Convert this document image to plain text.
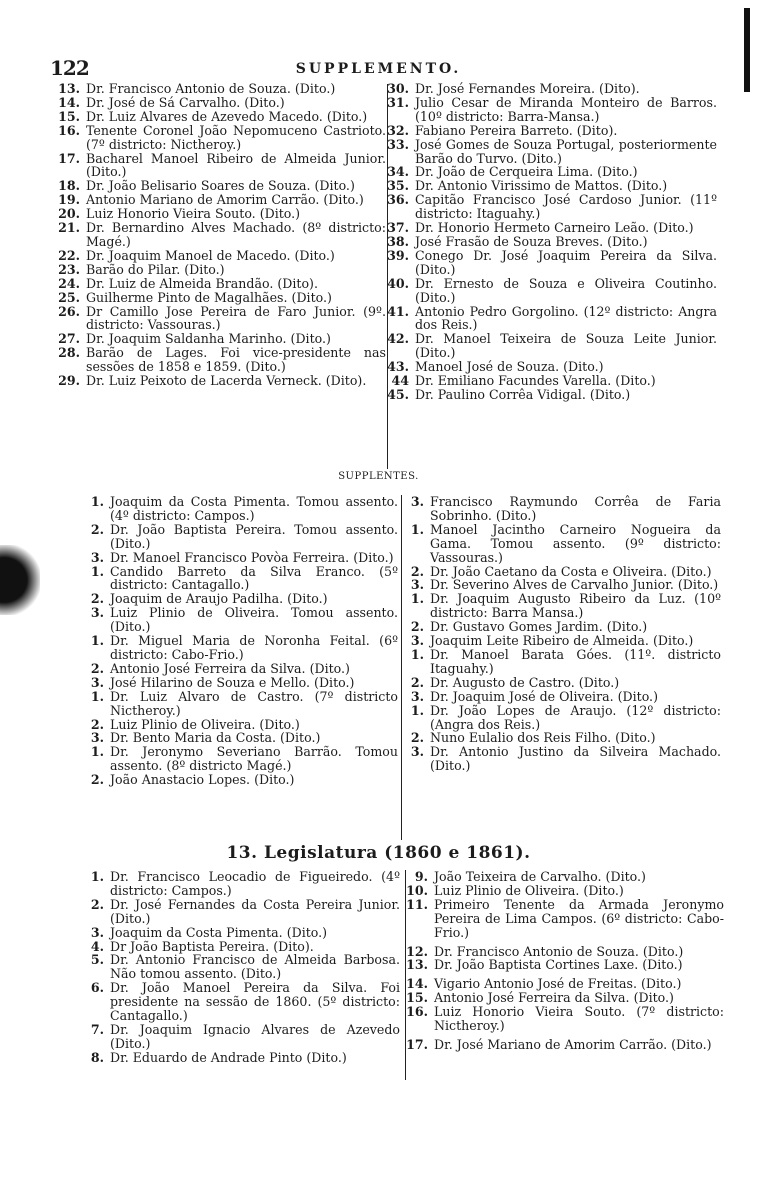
122	SUPPLEMENTO.
13. Dr. Francisco Antonio de Souza. (Dito.)
14. Dr. José de Sá Carvalho. (Dito.)
15. Dr. Luiz Alvares de Azevedo Macedo. (Dito.)
16. Tenente Coronel João Nepomuceno Castrioto. (7º districto: Nictheroy.)
17. Bacharel Manoel Ribeiro de Almeida Junior. (Dito.)
18. Dr. João Belisario Soares de Souza. (Dito.)
19. Antonio Mariano de Amorim Carrão. (Dito.)
20. Luiz Honorio Vieira Souto. (Dito.)
21. Dr. Bernardino Alves Machado. (8º districto: Magé.)
22. Dr. Joaquim Manoel de Macedo. (Dito.)
23. Barão do Pilar. (Dito.)
24. Dr. Luiz de Almeida Brandão. (Dito).
25. Guilherme Pinto de Magalhães. (Dito.)
26. Dr Camillo Jose Pereira de Faro Junior. (9º. districto: Vassouras.)
27. Dr. Joaquim Saldanha Marinho. (Dito.)
28. Barão de Lages. Foi vice-presidente nas sessões de 1858 e 1859. (Dito.)
29. Dr. Luiz Peixoto de Lacerda Verneck. (Dito).
30. Dr. José Fernandes Moreira. (Dito).
31. Julio Cesar de Miranda Monteiro de Barros. (10º districto: Barra-Mansa.)
32. Fabiano Pereira Barreto. (Dito).
33. José Gomes de Souza Portugal, posteriormente Barão do Turvo. (Dito.)
34. Dr. João de Cerqueira Lima. (Dito.)
35. Dr. Antonio Virissimo de Mattos. (Dito.)
36. Capitão Francisco José Cardoso Junior. (11º districto: Itaguahy.)
37. Dr. Honorio Hermeto Carneiro Leão. (Dito.)
38. José Frasão de Souza Breves. (Dito.)
39. Conego Dr. José Joaquim Pereira da Silva. (Dito.)
40. Dr. Ernesto de Souza e Oliveira Coutinho. (Dito.)
41. Antonio Pedro Gorgolino. (12º districto: Angra dos Reis.)
42. Dr. Manoel Teixeira de Souza Leite Junior. (Dito.)
43. Manoel José de Souza. (Dito.)
44 Dr. Emiliano Facundes Varella. (Dito.)
45. Dr. Paulino Corrêa Vidigal. (Dito.)
SUPPLENTES.
1. Joaquim da Costa Pimenta. Tomou assento. (4º districto: Campos.)
2. Dr. João Baptista Pereira. Tomou assento. (Dito.)
3. Dr. Manoel Francisco Povòa Ferreira. (Dito.)
1. Candido Barreto da Silva Eranco. (5º districto: Cantagallo.)
2. Joaquim de Araujo Padilha. (Dito.)
3. Luiz Plinio de Oliveira. Tomou assento. (Dito.)
1. Dr. Miguel Maria de Noronha Feital. (6º districto: Cabo-Frio.)
2. Antonio José Ferreira da Silva. (Dito.)
3. José Hilarino de Souza e Mello. (Dito.)
1. Dr. Luiz Alvaro de Castro. (7º districto Nictheroy.)
2. Luiz Plinio de Oliveira. (Dito.)
3. Dr. Bento Maria da Costa. (Dito.)
1. Dr. Jeronymo Severiano Barrão. Tomou assento. (8º districto Magé.)
2. João Anastacio Lopes. (Dito.)
3. Francisco Raymundo Corrêa de Faria Sobrinho. (Dito.)
1. Manoel Jacintho Carneiro Nogueira da Gama. Tomou assento. (9º districto: Vassouras.)
2. Dr. João Caetano da Costa e Oliveira. (Dito.)
3. Dr. Severino Alves de Carvalho Junior. (Dito.)
1. Dr. Joaquim Augusto Ribeiro da Luz. (10º districto: Barra Mansa.)
2. Dr. Gustavo Gomes Jardim. (Dito.)
3. Joaquim Leite Ribeiro de Almeida. (Dito.)
1. Dr. Manoel Barata Góes. (11º. districto Itaguahy.)
2. Dr. Augusto de Castro. (Dito.)
3. Dr. Joaquim José de Oliveira. (Dito.)
1. Dr. João Lopes de Araujo. (12º districto: (Angra dos Reis.)
2. Nuno Eulalio dos Reis Filho. (Dito.)
3. Dr. Antonio Justino da Silveira Machado. (Dito.)
13. Legislatura (1860 e 1861).
1. Dr. Francisco Leocadio de Figueiredo. (4º districto: Campos.)
2. Dr. José Fernandes da Costa Pereira Junior. (Dito.)
3. Joaquim da Costa Pimenta. (Dito.)
4. Dr João Baptista Pereira. (Dito).
5. Dr. Antonio Francisco de Almeida Barbosa. Não tomou assento. (Dito.)
6. Dr. João Manoel Pereira da Silva. Foi presidente na sessão de 1860. (5º districto: Cantagallo.)
7. Dr. Joaquim Ignacio Alvares de Azevedo (Dito.)
8. Dr. Eduardo de Andrade Pinto (Dito.)
9. João Teixeira de Carvalho. (Dito.)
10. Luiz Plinio de Oliveira. (Dito.)
11. Primeiro Tenente da Armada Jeronymo Pereira de Lima Campos. (6º districto: Cabo-Frio.)
12. Dr. Francisco Antonio de Souza. (Dito.)
13. Dr. João Baptista Cortines Laxe. (Dito.)
14. Vigario Antonio José de Freitas. (Dito.)
15. Antonio José Ferreira da Silva. (Dito.)
16. Luiz Honorio Vieira Souto. (7º districto: Nictheroy.)
17. Dr. José Mariano de Amorim Carrão. (Dito.)
